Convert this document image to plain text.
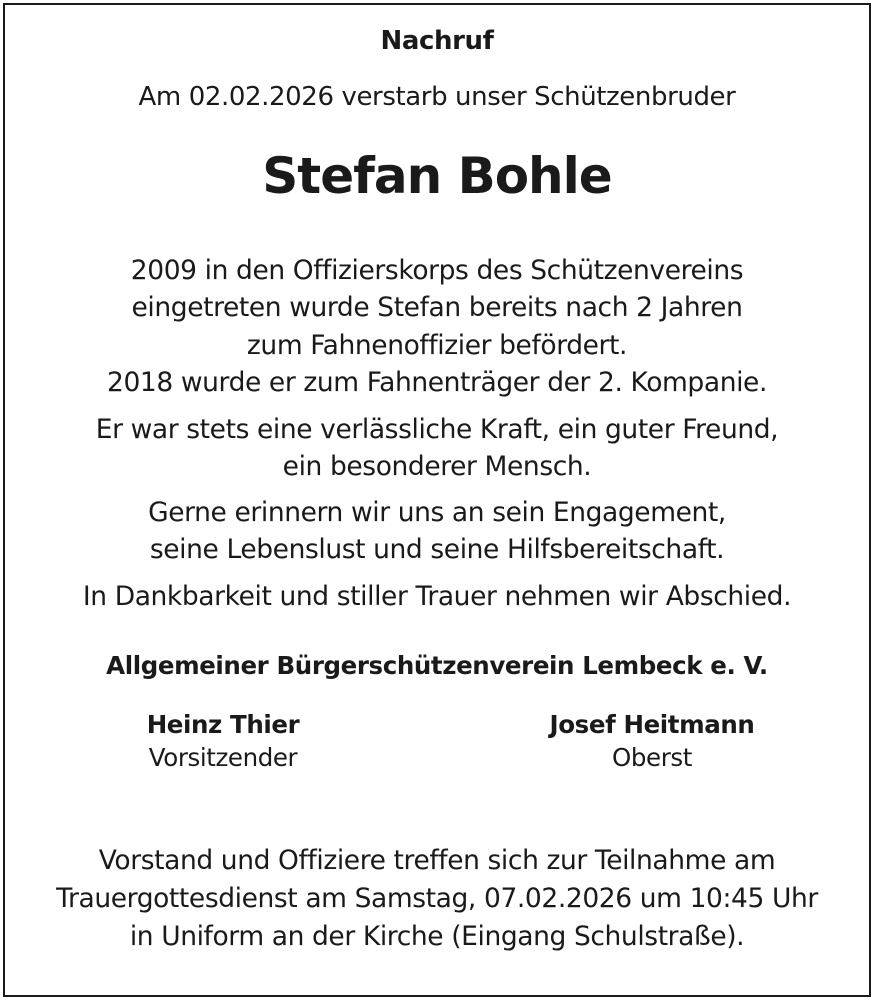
Nachruf
Am 02.02.2026 verstarb unser Schützenbruder
Stefan Bohle
2009 in den Offizierskorps des Schützenvereins
eingetreten wurde Stefan bereits nach 2 Jahren
zum Fahnenoffizier befördert.
2018 wurde er zum Fahnenträger der 2. Kompanie.
Er war stets eine verlässliche Kraft, ein guter Freund,
ein besonderer Mensch.
Gerne erinnern wir uns an sein Engagement,
seine Lebenslust und seine Hilfsbereitschaft.
In Dankbarkeit und stiller Trauer nehmen wir Abschied.
Allgemeiner Bürgerschützenverein Lembeck e. V.
Heinz Thier
Vorsitzender
Josef Heitmann
Oberst
Vorstand und Offiziere treffen sich zur Teilnahme am
Trauergottesdienst am Samstag, 07.02.2026 um 10:45 Uhr
in Uniform an der Kirche (Eingang Schulstraße).
